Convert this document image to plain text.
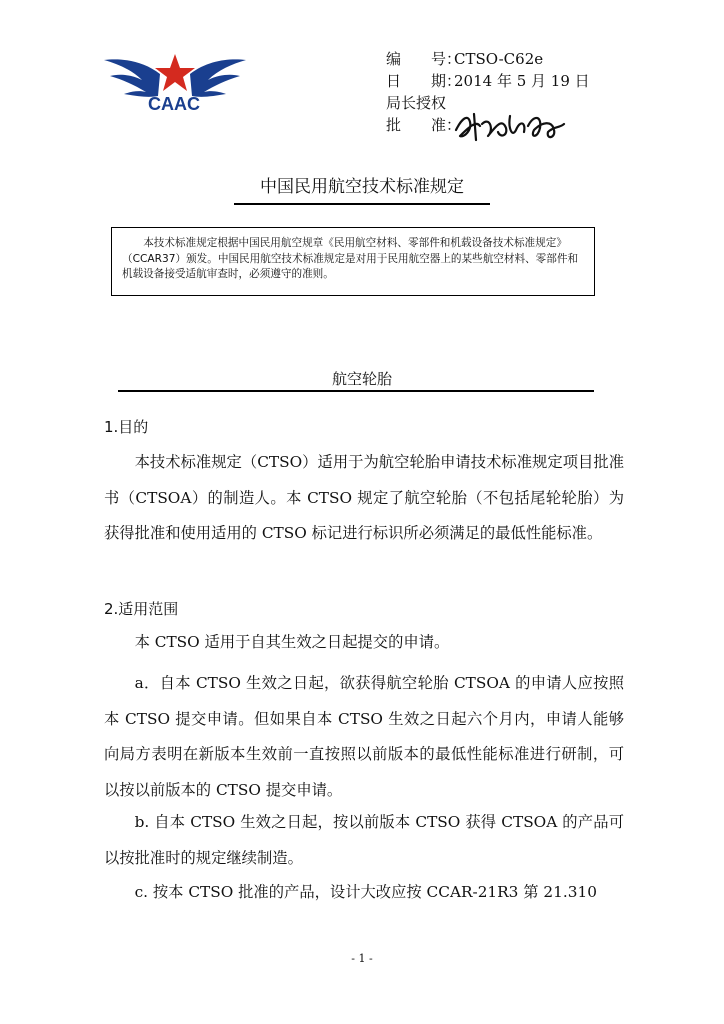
CAAC
编　　号：
CTSO-C62e
日　　期：
2014 年 5 月 19 日
局长授权
批　　准：
中国民用航空技术标准规定
本技术标准规定根据中国民用航空规章《民用航空材料、零部件和机载设备技术标准规定》（CCAR37）颁发。中国民用航空技术标准规定是对用于民用航空器上的某些航空材料、零部件和机载设备接受适航审查时，必须遵守的准则。
航空轮胎
1.目的

本技术标准规定（CTSO）适用于为航空轮胎申请技术标准规定项目批准书（CTSOA）的制造人。本 CTSO 规定了航空轮胎（不包括尾轮轮胎）为获得批准和使用适用的 CTSO 标记进行标识所必须满足的最低性能标准。

2.适用范围

本 CTSO 适用于自其生效之日起提交的申请。

a．自本 CTSO 生效之日起，欲获得航空轮胎 CTSOA 的申请人应按照本 CTSO 提交申请。但如果自本 CTSO 生效之日起六个月内，申请人能够向局方表明在新版本生效前一直按照以前版本的最低性能标准进行研制，可以按以前版本的 CTSO 提交申请。

b. 自本 CTSO 生效之日起，按以前版本 CTSO 获得 CTSOA 的产品可以按批准时的规定继续制造。

c. 按本 CTSO 批准的产品，设计大改应按 CCAR-21R3 第 21.310

- 1 -
